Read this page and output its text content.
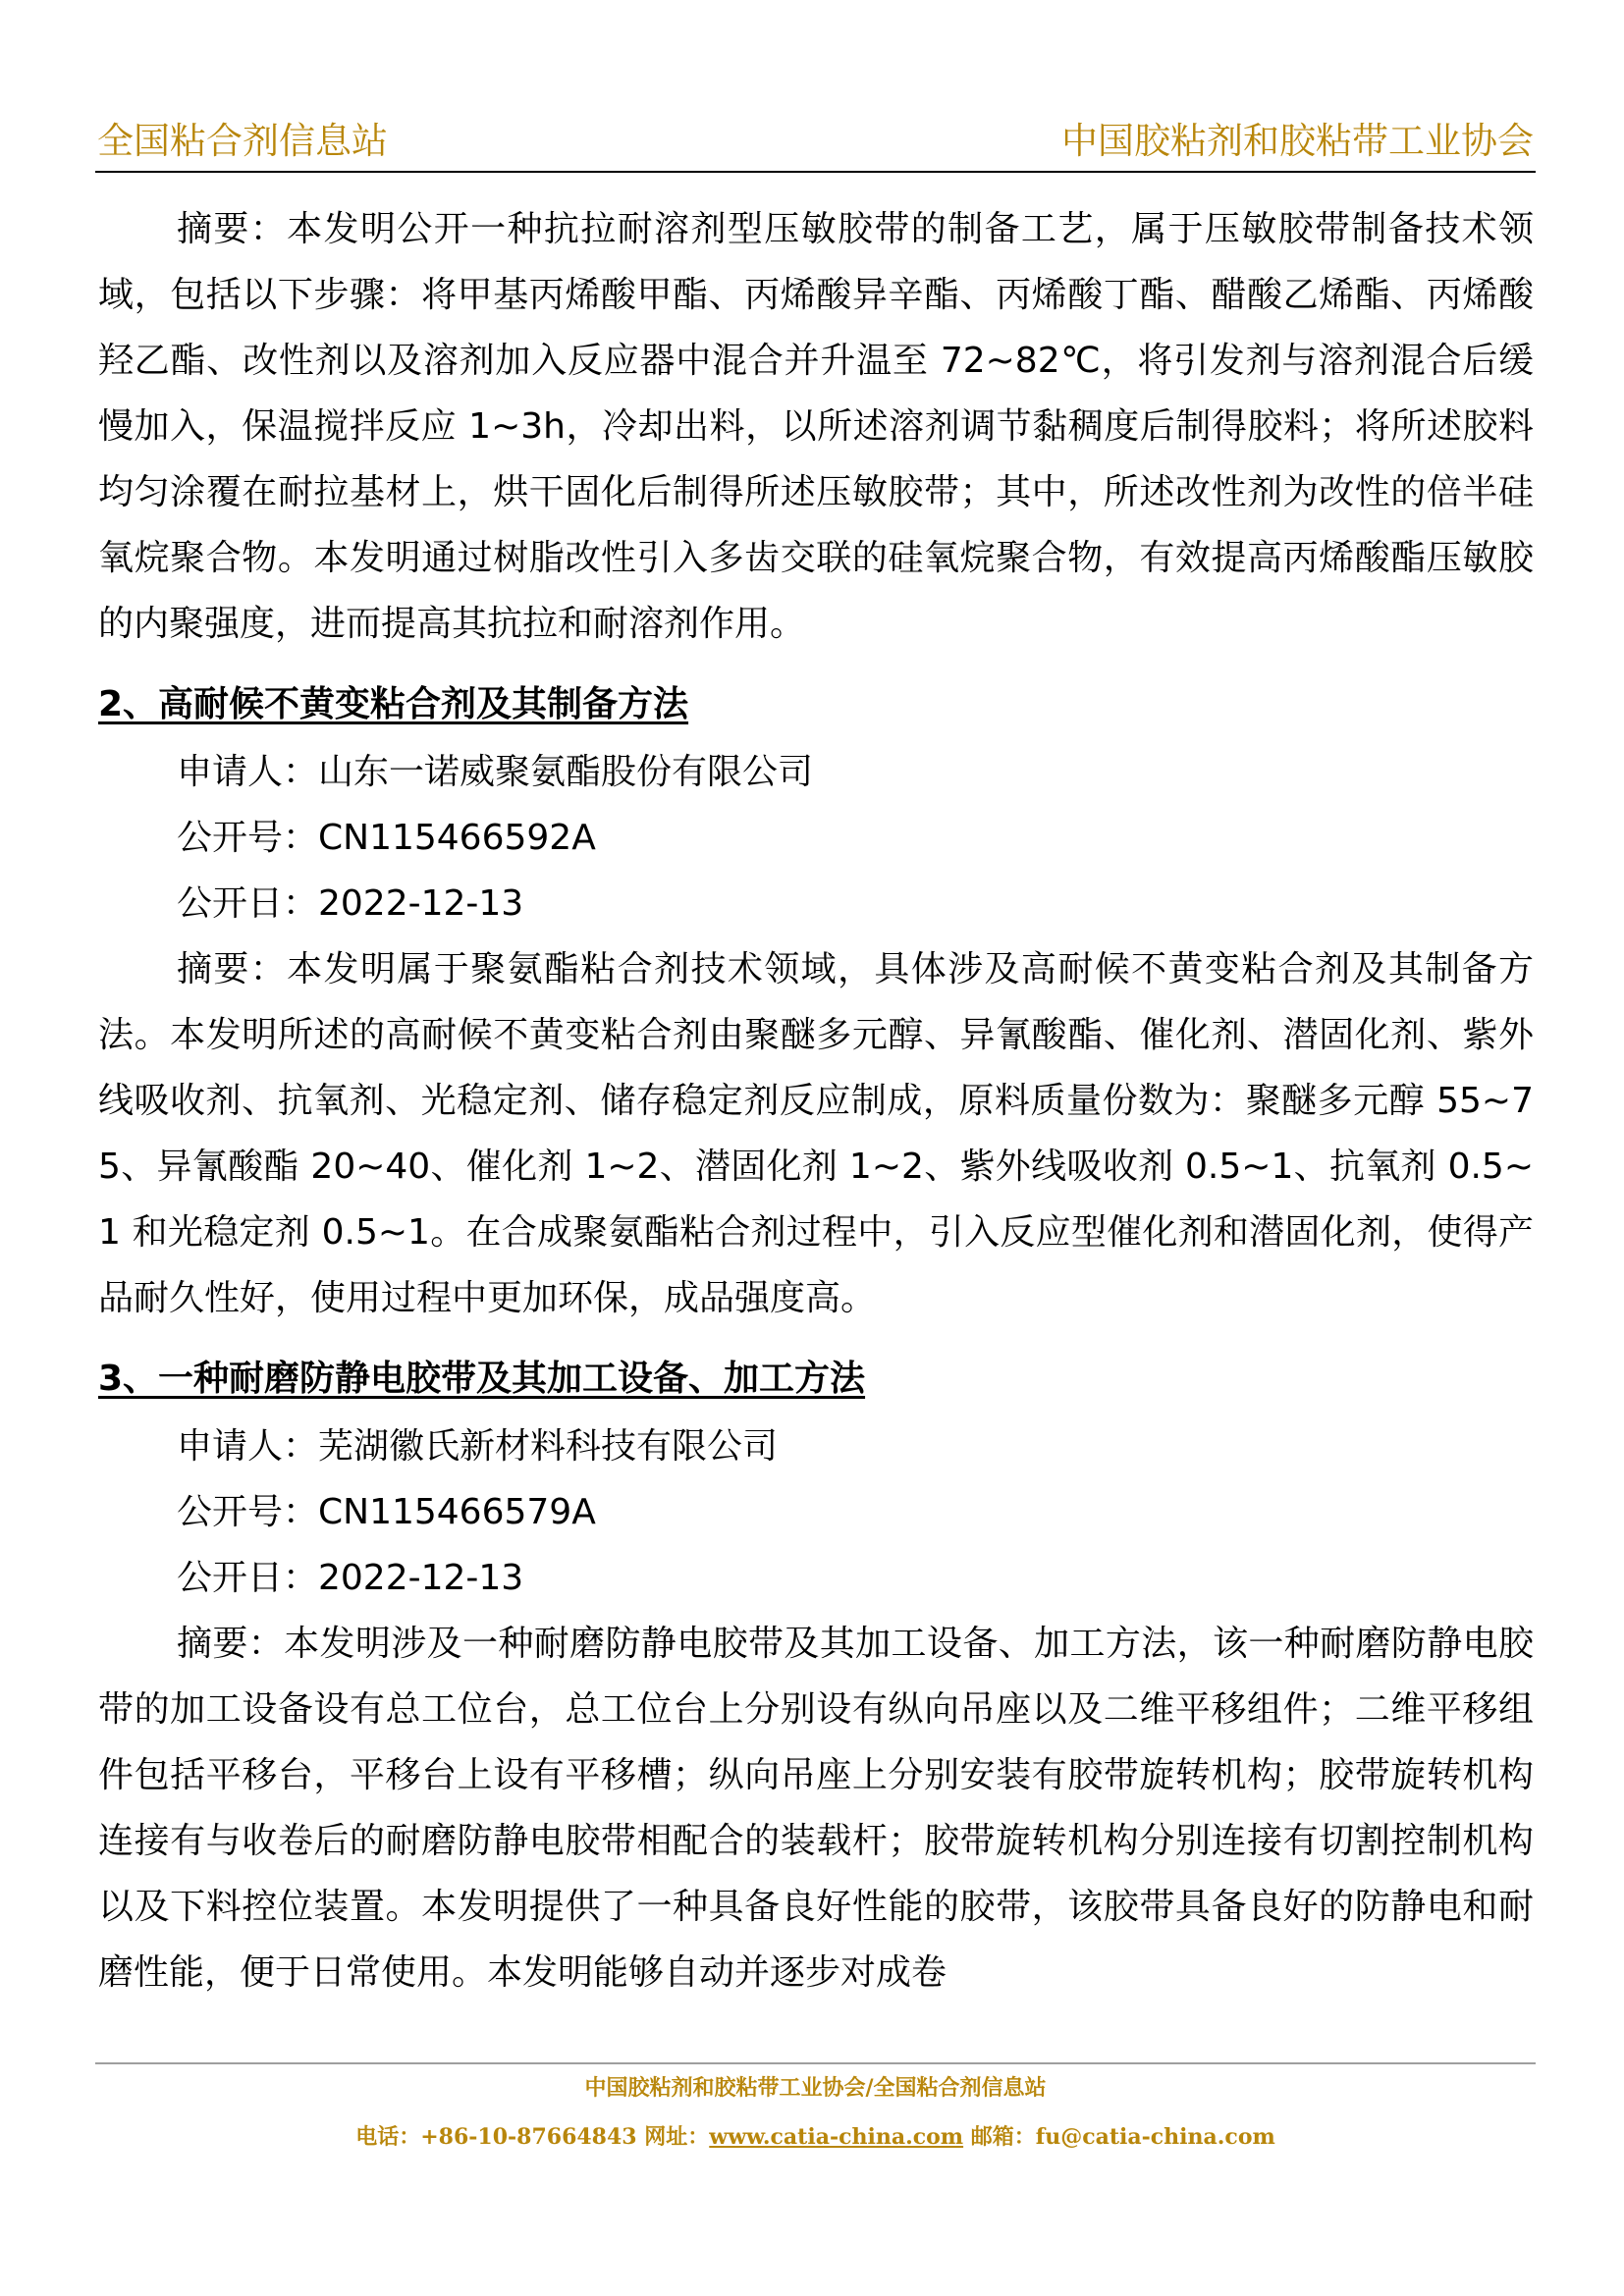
全国粘合剂信息站	中国胶粘剂和胶粘带工业协会

摘要：本发明公开一种抗拉耐溶剂型压敏胶带的制备工艺，属于压敏胶带制备技术领域，包括以下步骤：将甲基丙烯酸甲酯、丙烯酸异辛酯、丙烯酸丁酯、醋酸乙烯酯、丙烯酸羟乙酯、改性剂以及溶剂加入反应器中混合并升温至 72~82℃，将引发剂与溶剂混合后缓慢加入，保温搅拌反应 1~3h，冷却出料，以所述溶剂调节黏稠度后制得胶料；将所述胶料均匀涂覆在耐拉基材上，烘干固化后制得所述压敏胶带；其中，所述改性剂为改性的倍半硅氧烷聚合物。本发明通过树脂改性引入多齿交联的硅氧烷聚合物，有效提高丙烯酸酯压敏胶的内聚强度，进而提高其抗拉和耐溶剂作用。

2、高耐候不黄变粘合剂及其制备方法

申请人：山东一诺威聚氨酯股份有限公司

公开号：CN115466592A

公开日：2022-12-13

摘要：本发明属于聚氨酯粘合剂技术领域，具体涉及高耐候不黄变粘合剂及其制备方法。本发明所述的高耐候不黄变粘合剂由聚醚多元醇、异氰酸酯、催化剂、潜固化剂、紫外线吸收剂、抗氧剂、光稳定剂、储存稳定剂反应制成，原料质量份数为：聚醚多元醇 55~75、异氰酸酯 20~40、催化剂 1~2、潜固化剂 1~2、紫外线吸收剂 0.5~1、抗氧剂 0.5~1 和光稳定剂 0.5~1。在合成聚氨酯粘合剂过程中，引入反应型催化剂和潜固化剂，使得产品耐久性好，使用过程中更加环保，成品强度高。

3、一种耐磨防静电胶带及其加工设备、加工方法

申请人：芜湖徽氏新材料科技有限公司

公开号：CN115466579A

公开日：2022-12-13

摘要：本发明涉及一种耐磨防静电胶带及其加工设备、加工方法，该一种耐磨防静电胶带的加工设备设有总工位台，总工位台上分别设有纵向吊座以及二维平移组件；二维平移组件包括平移台，平移台上设有平移槽；纵向吊座上分别安装有胶带旋转机构；胶带旋转机构连接有与收卷后的耐磨防静电胶带相配合的装载杆；胶带旋转机构分别连接有切割控制机构以及下料控位装置。本发明提供了一种具备良好性能的胶带，该胶带具备良好的防静电和耐磨性能，便于日常使用。本发明能够自动并逐步对成卷

中国胶粘剂和胶粘带工业协会/全国粘合剂信息站
电话：+86-10-87664843 网址：www.catia-china.com 邮箱：fu@catia-china.com
